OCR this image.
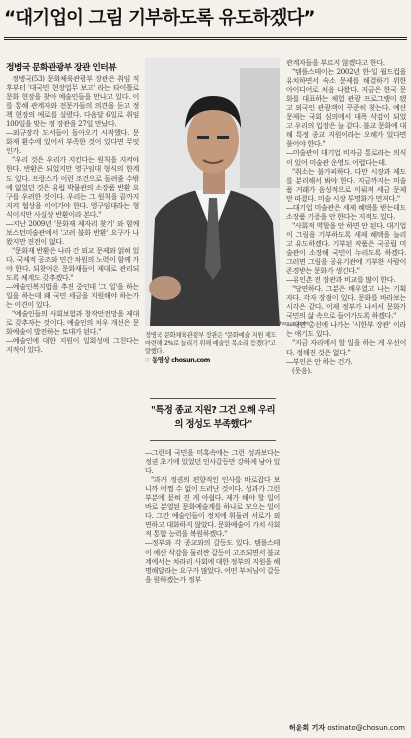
“대기업이 그림 기부하도록 유도하겠다”
정병국 문화관광부 장관 인터뷰

정병국(53) 문화체육관광부 장관은 취임 직후부터 '대국민 현장업무 보고' 라는 타이틀로 문화 현장을 찾아 예술인들을 만나고 있다. 이를 통해 관계자와 전문가들의 의견을 듣고 정책 현장의 애로를 살폈다. 다음달 6일로 취임 100일을 맞는 정 장관을 27일 만났다.

―외규장각 도서들이 돌아오기 시작했다. 문화재 환수에 있어서 부족한 것이 있다면 무엇인가.

"우리 것은 우리가 지킨다는 원칙을 지켜야 한다. 반환은 되었지만 영구임대 형식의 한계도 있다. 프랑스가 이런 조건으로 돌려줄 수밖에 없었던 것은 유럽 박물관의 소장품 반환 요구를 우려한 것이다. 우리는 그 원칙을 끝까지 지켜 협상을 이어가야 한다. 영구임대라는 형식이지만 사실상 반환이라 본다."

―지난 2009년 '문화재 제자리 찾기' 와 함께 보스턴미술관에서 '고려 불화 반환' 요구가 나왔지만 진전이 없다.

"문화재 반환은 나라 간 외교 문제와 얽혀 있다. 국제적 공조와 민간 차원의 노력이 함께 가야 한다. 되찾아온 문화재들이 제대로 관리되도록 체계도 갖추겠다."

―예술인복지법을 추진 중인데 '그 일'을 하는 일을 하는데 왜 국민 세금을 지원해야 하는가는 이견이 있다.

"예술인들의 사회보험과 창작안전망을 제대로 갖추자는 것이다. 예술인의 처우 개선은 문화예술이 발전하는 토대가 된다."

―예술인에 대한 지원이 일회성에 그친다는 지적이 있다.

오종찬 기자 ojc1979@chosun.com
정병국 문화체육관광부 장관은 "문화예술 지원 제도 마련해 2%로 늘리기 위해 예술인 목소리 듣겠다"고 말했다.
☞ 동영상 chosun.com
"특정 종교 지원? 그건 오해 우리의 정성도 부족했다"

―그런데 국민을 미혹속에는 그런 성과보다는 정권 초기에 있었던 인사갈등만 강하게 남아 있다.

"과거 정권의 편향적인 인사를 바로잡다 보니까 어쩔 수 없이 드러난 것이다. 성과가 그런 부분에 묻혀 진 게 아쉽다. 제가 해야 할 일이 바로 분열된 문화예술계를 하나로 모으는 일이다. 그간 예술인들이 정치에 휘둘려 서로가 외면하고 대화하지 않았다. 문화예술이 가치 사회적 통합 능력을 복원하겠다."

―정부와 각 종교와의 갈등도 있다. 템플스테이 예산 삭감을 둘러싼 갈등이 고조되면서 불교계에서는 차라리 사회에 대한 정부의 지원을 해명해달라는 요구가 많았다. 어떤 부처님이 갈등을 원하겠는가 정부

관계자들을 부르지 않겠다고 한다.

"템플스테이는 2002년 한·일 월드컵을 유치하면서 숙소 문제를 해결하기 위한 아이디어로 처음 나왔다. 지금은 한국 문화를 대표하는 체험 관광 프로그램이 됐고 외국인 관광객이 꾸준히 찾는다. 예산 문제는 국회 심의에서 대폭 삭감이 되었고 우리의 입장은 늘 같다. 불교 문화에 대해 특정 종교 지원이라는 오해가 있다면 풀어야 한다."

―미술관이 대기업 비자금 통로라는 의식이 있어 미술관 운영도 어렵다는데.

"취소는 불가피하다. 다만 시장과 제도를 분리해서 봐야 한다. 지금까지는 미술품 거래가 음성적으로 이뤄져 세금 문제만 따졌다. 미술 시장 투명화가 먼저다."

―대기업 미술관은 세제 혜택을 받는데도 소장품 기증을 안 한다는 지적도 있다.

"사회적 역할을 안 하면 안 된다. 대기업이 그림을 기부하도록 세제 혜택을 늘리고 유도하겠다. 기부된 작품은 국공립 미술관이 소장해 국민이 누리도록 하겠다. 그러면 그림을 공유기관에 기부한 사람이 존경받는 문화가 생긴다."

―유인촌 전 장관과 비교를 많이 한다.

"당연하다. 그분은 배우였고 나는 기획자다. 각자 장점이 있다. 문화를 바라보는 시각은 같다. 이제 정부가 나서서 문화가 국민의 삶 속으로 들어가도록 하겠다."

―내년 총선에 나가는 '시한부 장관' 이라는 얘기도 있다.

"지금 자리에서 할 일을 하는 게 우선이다. 정해진 것은 없다."

―부인은 안 하는 건가.

(웃음).

허윤희 기자 ostinato@chosun.com
